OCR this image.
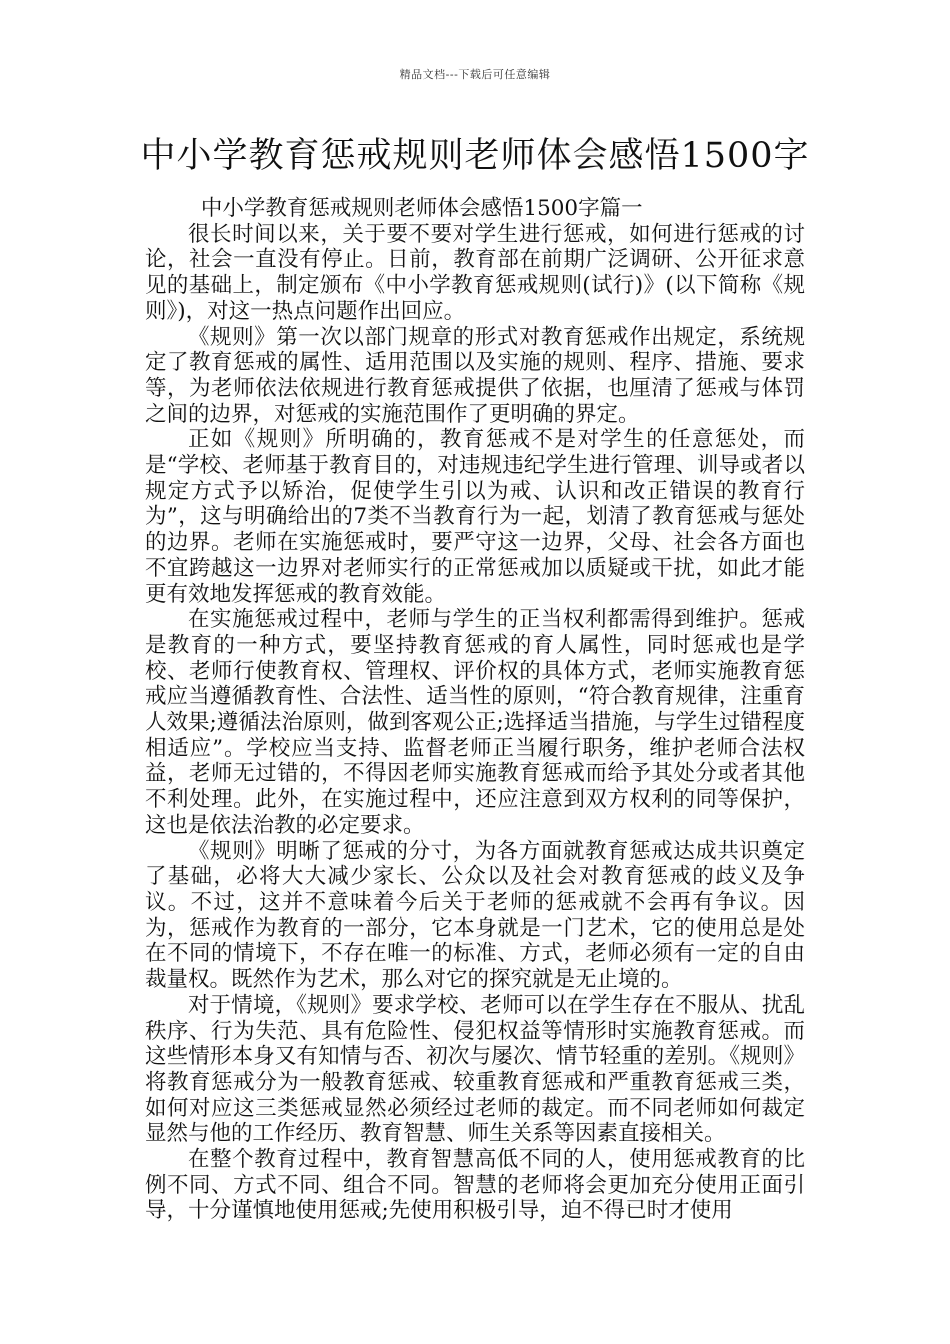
精品文档---下载后可任意编辑
中小学教育惩戒规则老师体会感悟1500字

中小学教育惩戒规则老师体会感悟1500字篇一

很长时间以来，关于要不要对学生进行惩戒，如何进行惩戒的讨论，社会一直没有停止。日前，教育部在前期广泛调研、公开征求意见的基础上，制定颁布《中小学教育惩戒规则(试行)》(以下简称《规则》)，对这一热点问题作出回应。

《规则》第一次以部门规章的形式对教育惩戒作出规定，系统规定了教育惩戒的属性、适用范围以及实施的规则、程序、措施、要求等，为老师依法依规进行教育惩戒提供了依据，也厘清了惩戒与体罚之间的边界，对惩戒的实施范围作了更明确的界定。

正如《规则》所明确的，教育惩戒不是对学生的任意惩处，而是“学校、老师基于教育目的，对违规违纪学生进行管理、训导或者以规定方式予以矫治，促使学生引以为戒、认识和改正错误的教育行为”，这与明确给出的7类不当教育行为一起，划清了教育惩戒与惩处的边界。老师在实施惩戒时，要严守这一边界，父母、社会各方面也不宜跨越这一边界对老师实行的正常惩戒加以质疑或干扰，如此才能更有效地发挥惩戒的教育效能。

在实施惩戒过程中，老师与学生的正当权利都需得到维护。惩戒是教育的一种方式，要坚持教育惩戒的育人属性，同时惩戒也是学校、老师行使教育权、管理权、评价权的具体方式，老师实施教育惩戒应当遵循教育性、合法性、适当性的原则，“符合教育规律，注重育人效果;遵循法治原则，做到客观公正;选择适当措施，与学生过错程度相适应”。学校应当支持、监督老师正当履行职务，维护老师合法权益，老师无过错的，不得因老师实施教育惩戒而给予其处分或者其他不利处理。此外，在实施过程中，还应注意到双方权利的同等保护，这也是依法治教的必定要求。

《规则》明晰了惩戒的分寸，为各方面就教育惩戒达成共识奠定了基础，必将大大减少家长、公众以及社会对教育惩戒的歧义及争议。不过，这并不意味着今后关于老师的惩戒就不会再有争议。因为，惩戒作为教育的一部分，它本身就是一门艺术，它的使用总是处在不同的情境下，不存在唯一的标准、方式，老师必须有一定的自由裁量权。既然作为艺术，那么对它的探究就是无止境的。

对于情境，《规则》要求学校、老师可以在学生存在不服从、扰乱秩序、行为失范、具有危险性、侵犯权益等情形时实施教育惩戒。而这些情形本身又有知情与否、初次与屡次、情节轻重的差别。《规则》将教育惩戒分为一般教育惩戒、较重教育惩戒和严重教育惩戒三类，如何对应这三类惩戒显然必须经过老师的裁定。而不同老师如何裁定显然与他的工作经历、教育智慧、师生关系等因素直接相关。

在整个教育过程中，教育智慧高低不同的人，使用惩戒教育的比例不同、方式不同、组合不同。智慧的老师将会更加充分使用正面引导，十分谨慎地使用惩戒;先使用积极引导，迫不得已时才使用
